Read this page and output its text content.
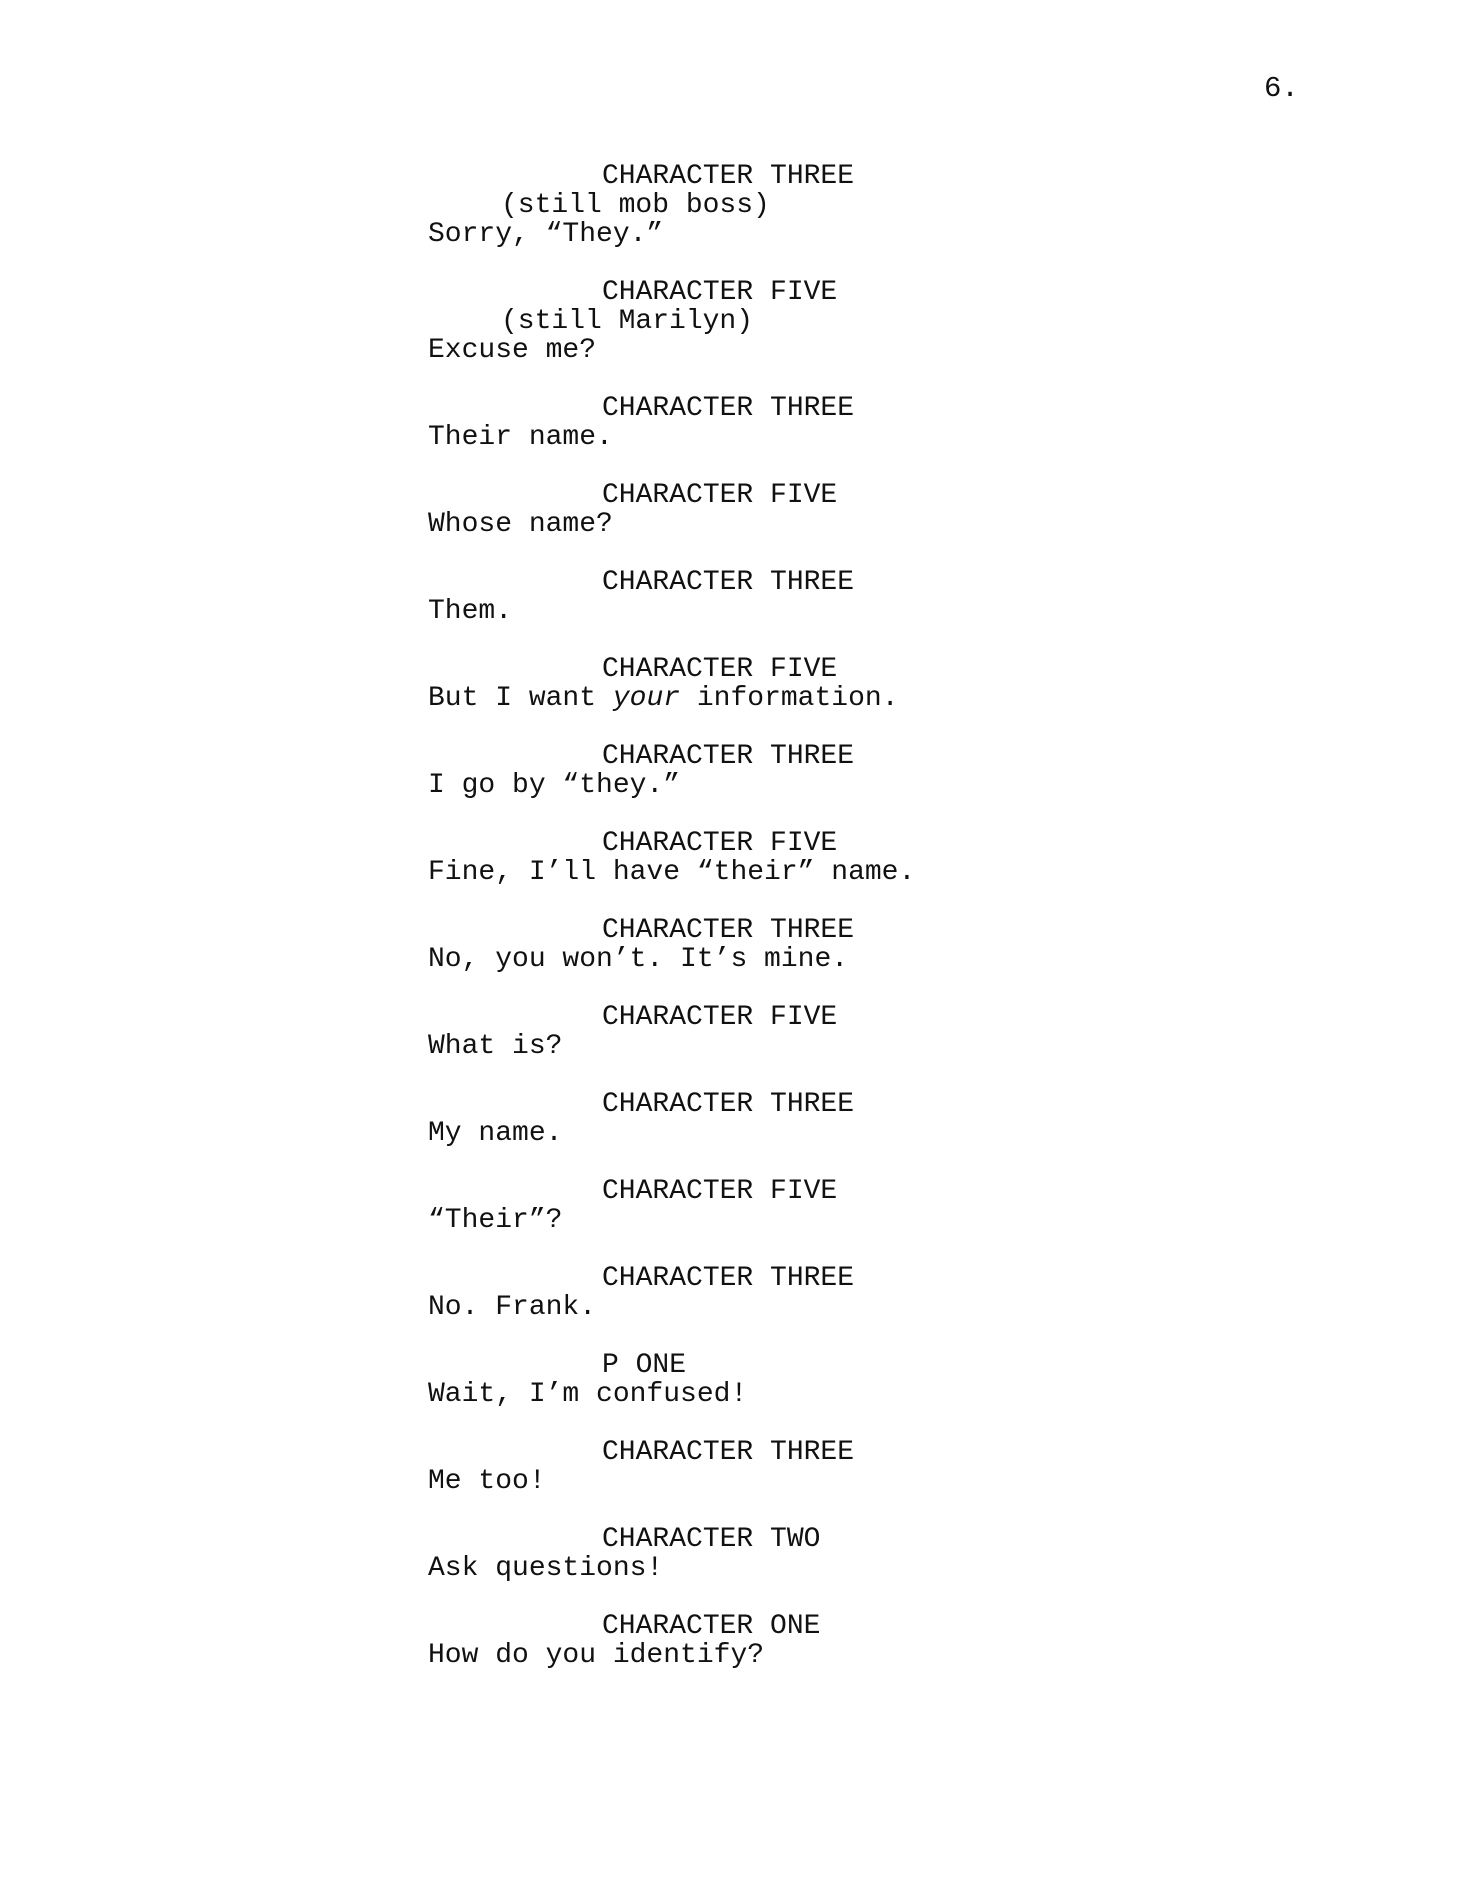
6.
CHARACTER THREE
(still mob boss)
Sorry, “They.”
CHARACTER FIVE
(still Marilyn)
Excuse me?
CHARACTER THREE
Their name.
CHARACTER FIVE
Whose name?
CHARACTER THREE
Them.
CHARACTER FIVE
But I want your information.
CHARACTER THREE
I go by “they.”
CHARACTER FIVE
Fine, I’ll have “their” name.
CHARACTER THREE
No, you won’t. It’s mine.
CHARACTER FIVE
What is?
CHARACTER THREE
My name.
CHARACTER FIVE
“Their”?
CHARACTER THREE
No. Frank.
P ONE
Wait, I’m confused!
CHARACTER THREE
Me too!
CHARACTER TWO
Ask questions!
CHARACTER ONE
How do you identify?
